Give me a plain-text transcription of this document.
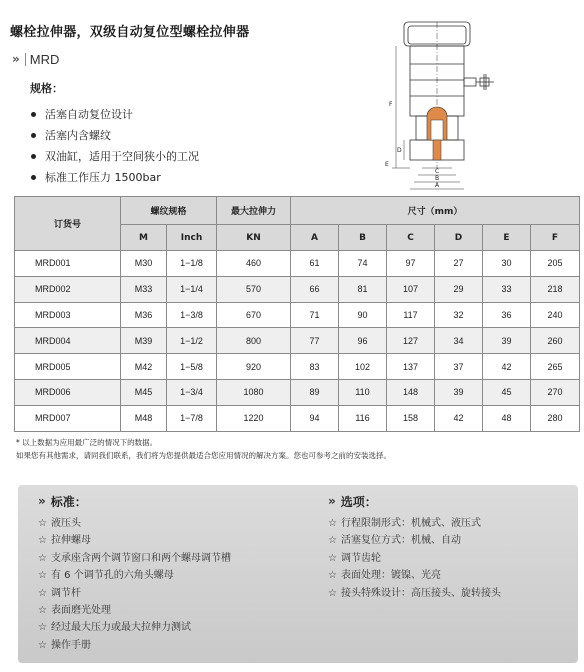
螺栓拉伸器，双级自动复位型螺栓拉伸器
» MRD
规格：
活塞自动复位设计
活塞内含螺纹
双油缸，适用于空间狭小的工况
标准工作压力 1500bar
F
D
E
C
B
A
订货号	螺纹规格		最大拉伸力	尺寸（mm）					
	M	Inch	KN	A	B	C	D	E	F
MRD001	M30	1−1/8	460	61	74	97	27	30	205
MRD002	M33	1−1/4	570	66	81	107	29	33	218
MRD003	M36	1−3/8	670	71	90	117	32	36	240
MRD004	M39	1−1/2	800	77	96	127	34	39	260
MRD005	M42	1−5/8	920	83	102	137	37	42	265
MRD006	M45	1−3/4	1080	89	110	148	39	45	270
MRD007	M48	1−7/8	1220	94	116	158	42	48	280
* 以上数据为应用最广泛的情况下的数据。
如果您有其他需求，请同我们联系，我们将为您提供最适合您应用情况的解决方案。您也可参考之前的安装选择。
» 标准：
☆ 液压头
☆ 拉伸螺母
☆ 支承座含两个调节窗口和两个螺母调节槽
☆ 有 6 个调节孔的六角头螺母
☆ 调节杆
☆ 表面磨光处理
☆ 经过最大压力或最大拉伸力测试
☆ 操作手册
» 选项：
☆ 行程限制形式：机械式、液压式
☆ 活塞复位方式：机械、自动
☆ 调节齿轮
☆ 表面处理：镀镍、光亮
☆ 接头特殊设计：高压接头、旋转接头
